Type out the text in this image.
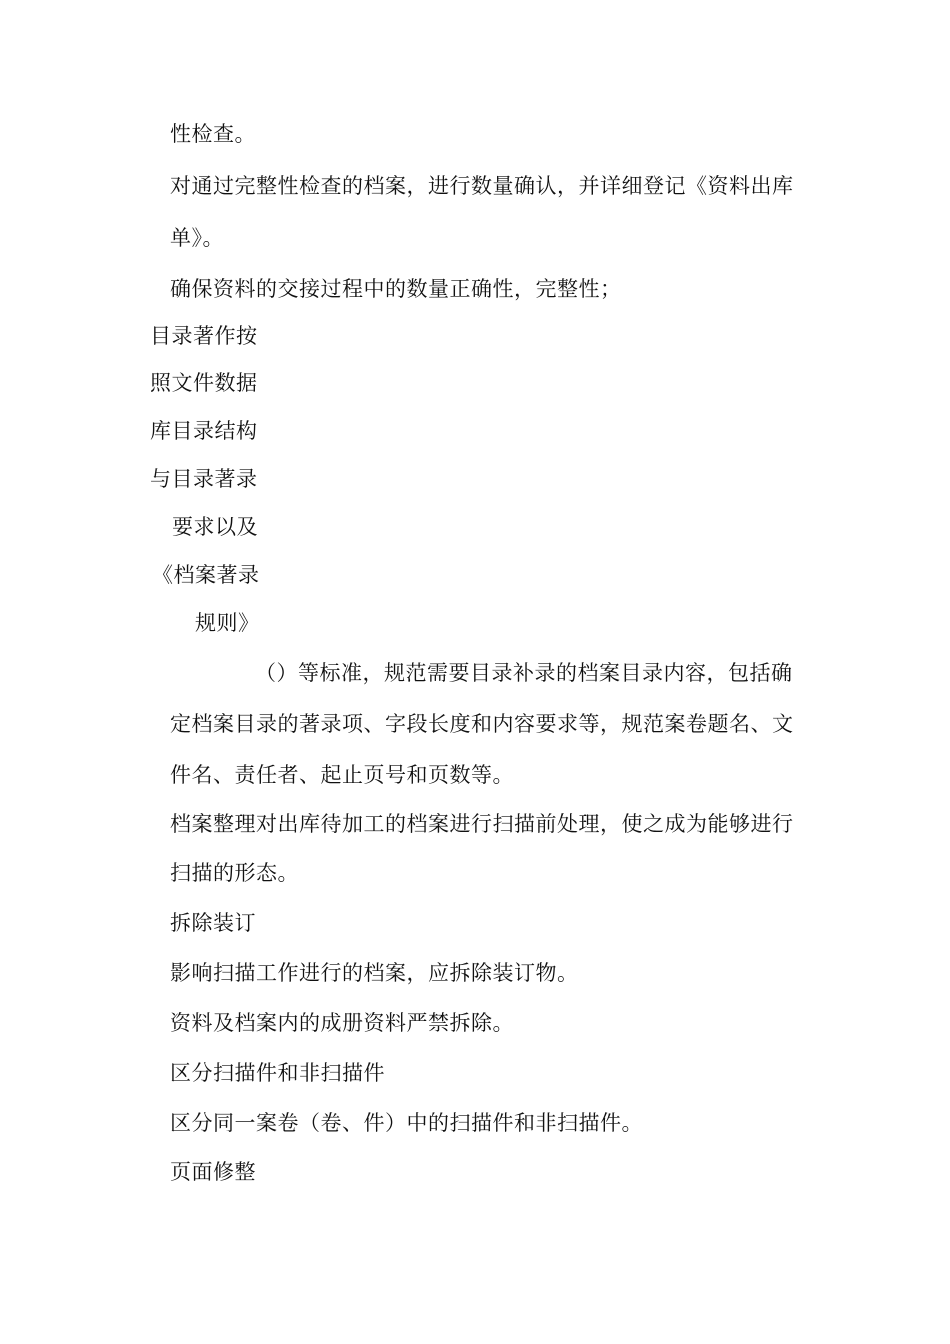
性检查。

对通过完整性检查的档案，进行数量确认，并详细登记《资料出库

单》。

确保资料的交接过程中的数量正确性，完整性；

目录著作按

照文件数据

库目录结构

与目录著录

要求以及

《档案著录

规则》

（）等标准，规范需要目录补录的档案目录内容，包括确

定档案目录的著录项、字段长度和内容要求等，规范案卷题名、文

件名、责任者、起止页号和页数等。

档案整理对出库待加工的档案进行扫描前处理，使之成为能够进行

扫描的形态。

拆除装订

影响扫描工作进行的档案，应拆除装订物。

资料及档案内的成册资料严禁拆除。

区分扫描件和非扫描件

区分同一案卷（卷、件）中的扫描件和非扫描件。

页面修整
